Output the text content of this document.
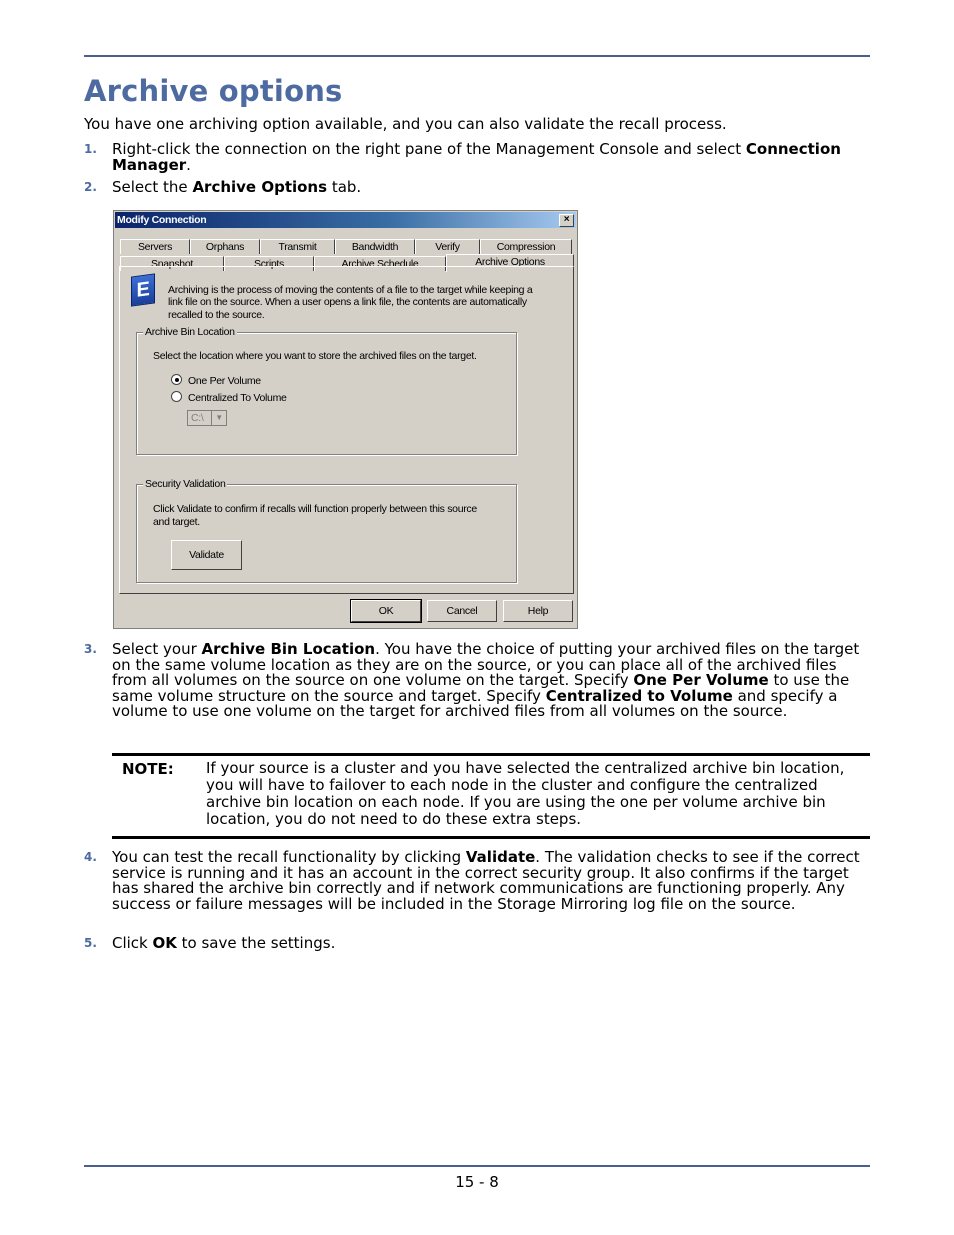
Archive options

You have one archiving option available, and you can also validate the recall process.

1.	Right-click the connection on the right pane of the Management Console and select Connection Manager.
2.	Select the Archive Options tab.
Modify Connection	×
Servers	Orphans	Transmit	Bandwidth	Verify	Compression
Snapshot	Scripts	Archive Schedule	Archive Options
E	Archiving is the process of moving the contents of a file to the target while keeping a link file on the source. When a user opens a link file, the contents are automatically recalled to the source.
Archive Bin Location
Select the location where you want to store the archived files on the target.
One Per Volume
Centralized To Volume
C:\	▼
Security Validation
Click Validate to confirm if recalls will function properly between this source and target.
Validate
OK	Cancel	Help
3.	Select your Archive Bin Location. You have the choice of putting your archived files on the target on the same volume location as they are on the source, or you can place all of the archived files from all volumes on the source on one volume on the target. Specify One Per Volume to use the same volume structure on the source and target. Specify Centralized to Volume and specify a volume to use one volume on the target for archived files from all volumes on the source.
NOTE: If your source is a cluster and you have selected the centralized archive bin location, you will have to failover to each node in the cluster and configure the centralized archive bin location on each node. If you are using the one per volume archive bin location, you do not need to do these extra steps.
4.	You can test the recall functionality by clicking Validate. The validation checks to see if the correct service is running and it has an account in the correct security group. It also confirms if the target has shared the archive bin correctly and if network communications are functioning properly. Any success or failure messages will be included in the Storage Mirroring log file on the source.
5.	Click OK to save the settings.
15 - 8
